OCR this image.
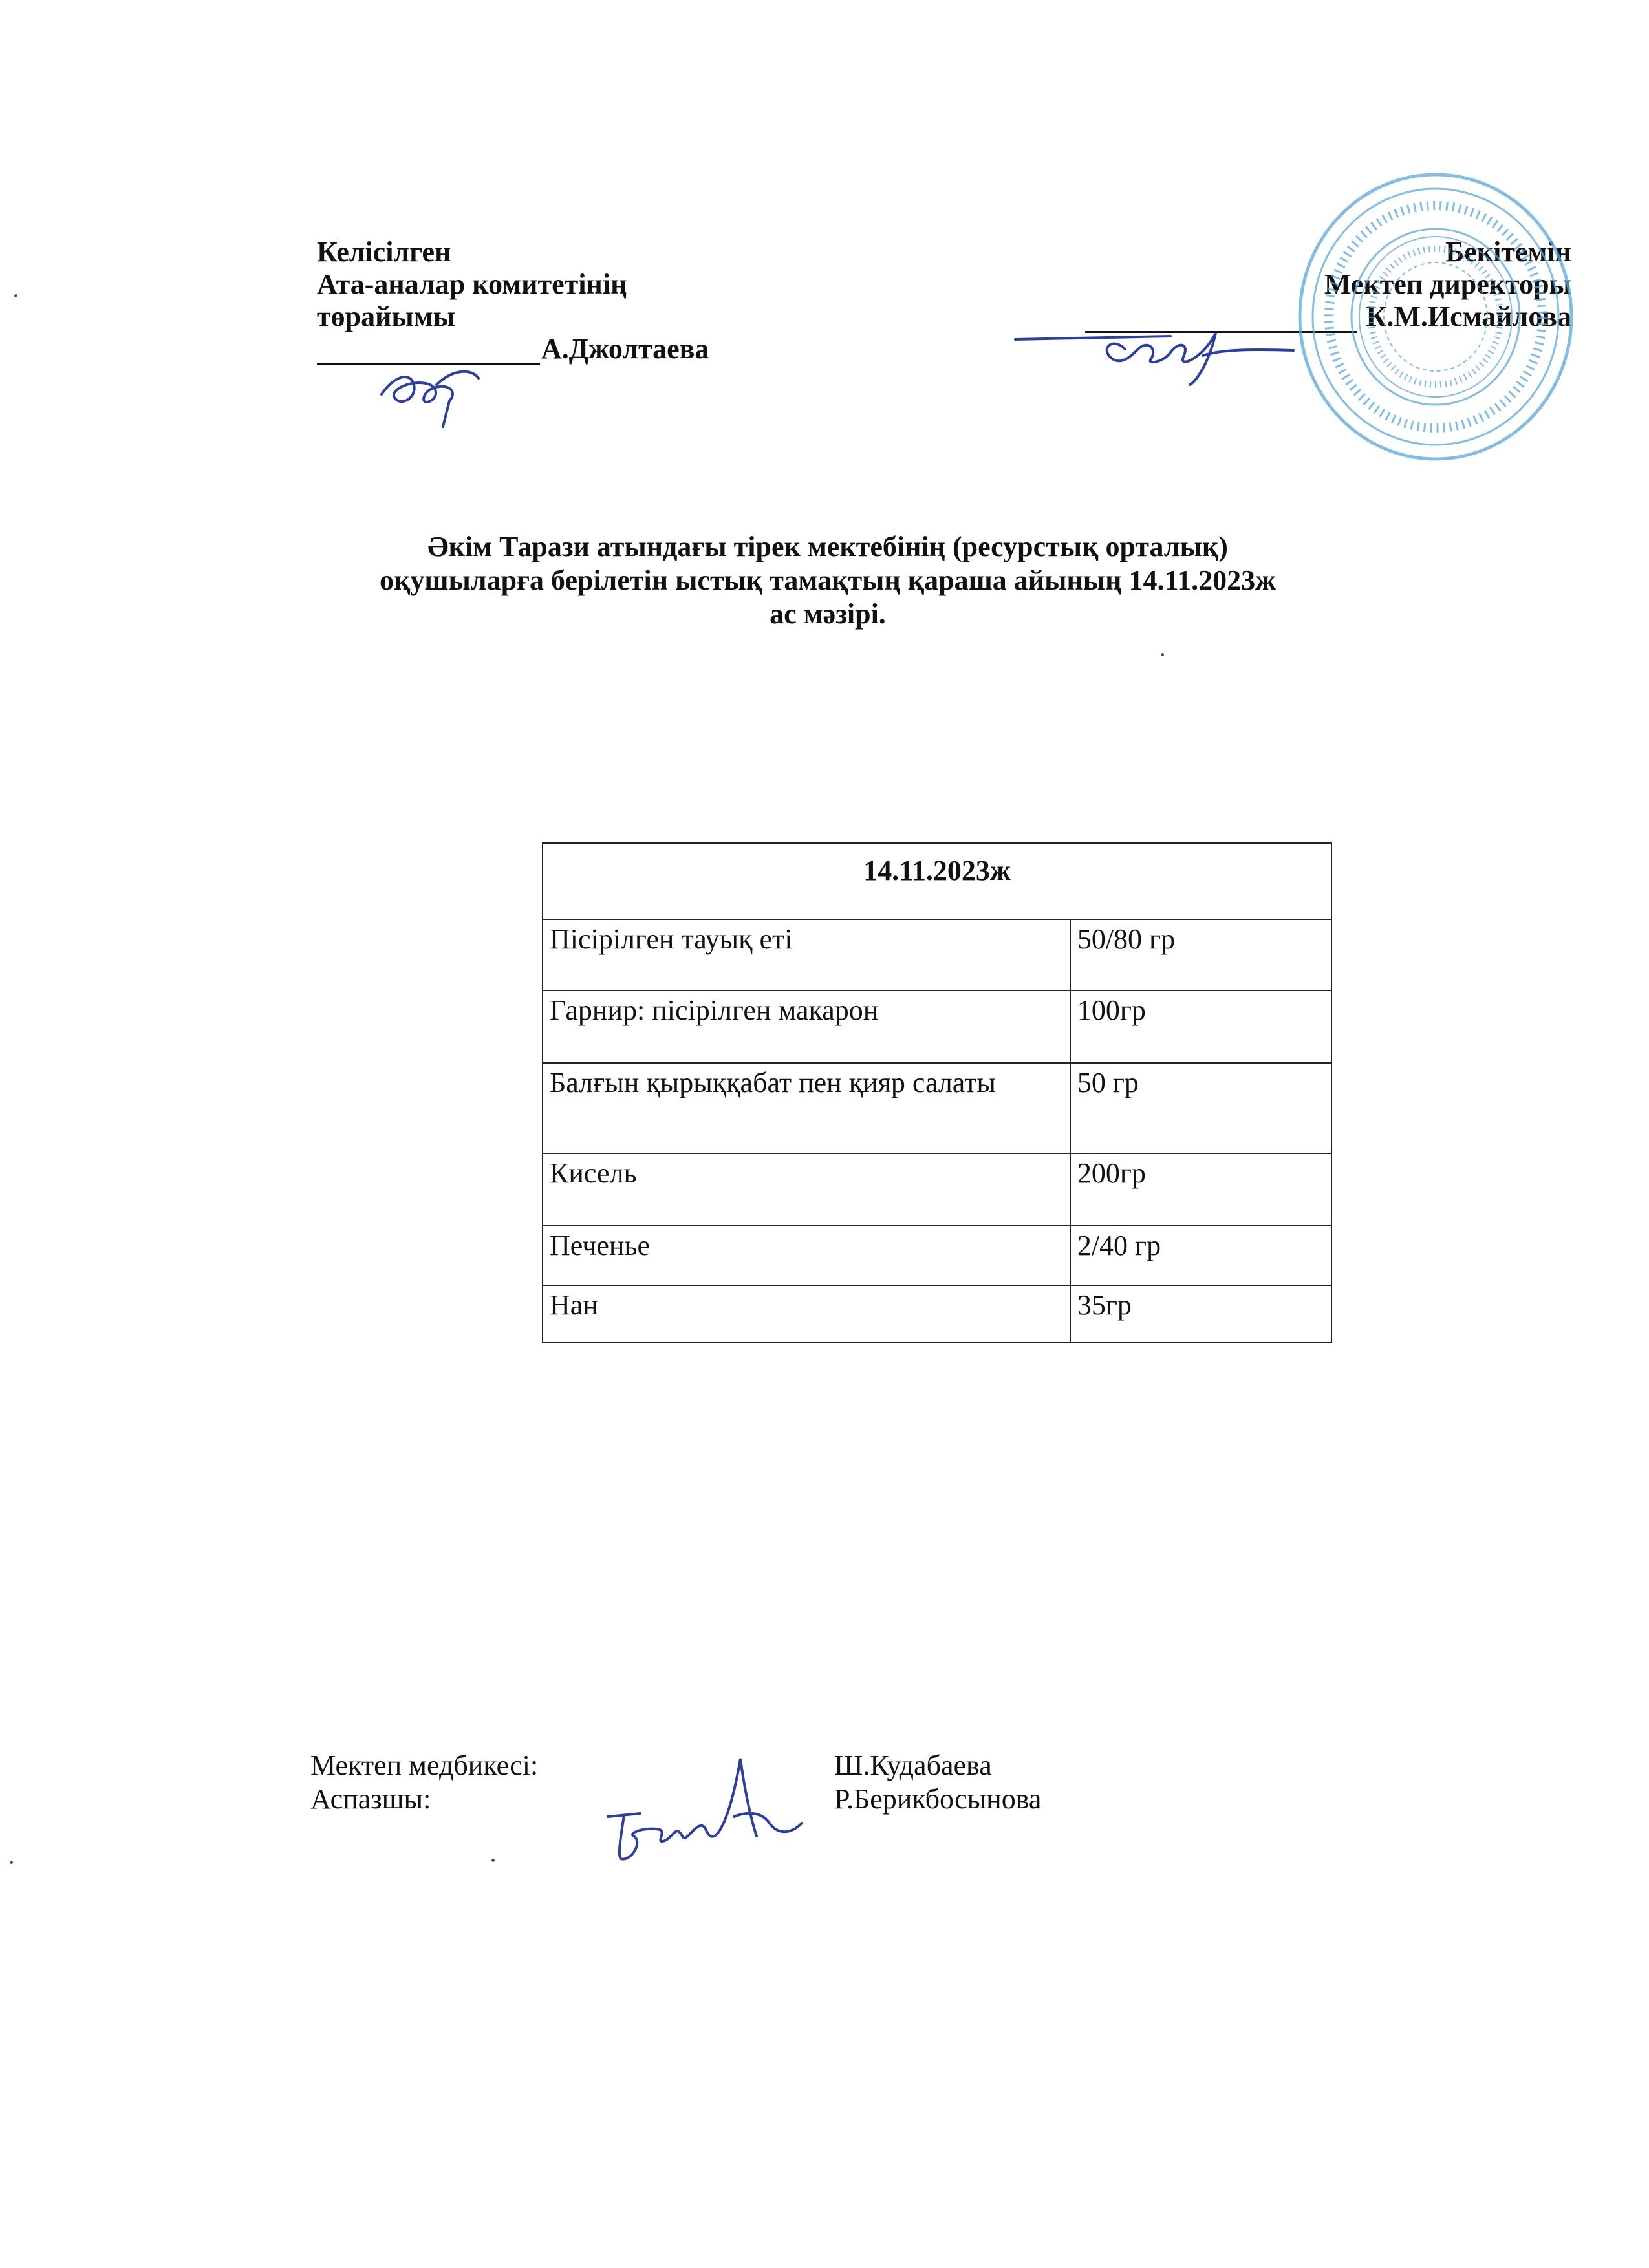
Келісілген
Ата-аналар комитетінің
төрайымы
А.Джолтаева
Бекітемін
Мектеп директоры
К.М.Исмайлова
Әкім Тарази атындағы тірек мектебінің (ресурстық орталық)
оқушыларға берілетін ыстық тамақтың қараша айының 14.11.2023ж
ас мәзірі.
14.11.2023ж	
Пісірілген тауық еті	50/80 гр
Гарнир: пісірілген макарон	100гр
Балғын қырыққабат пен қияр салаты	50 гр
Кисель	200гр
Печенье	2/40 гр
Нан	35гр
Мектеп медбикесі:	Ш.Кудабаева
Аспазшы:	Р.Берикбосынова
